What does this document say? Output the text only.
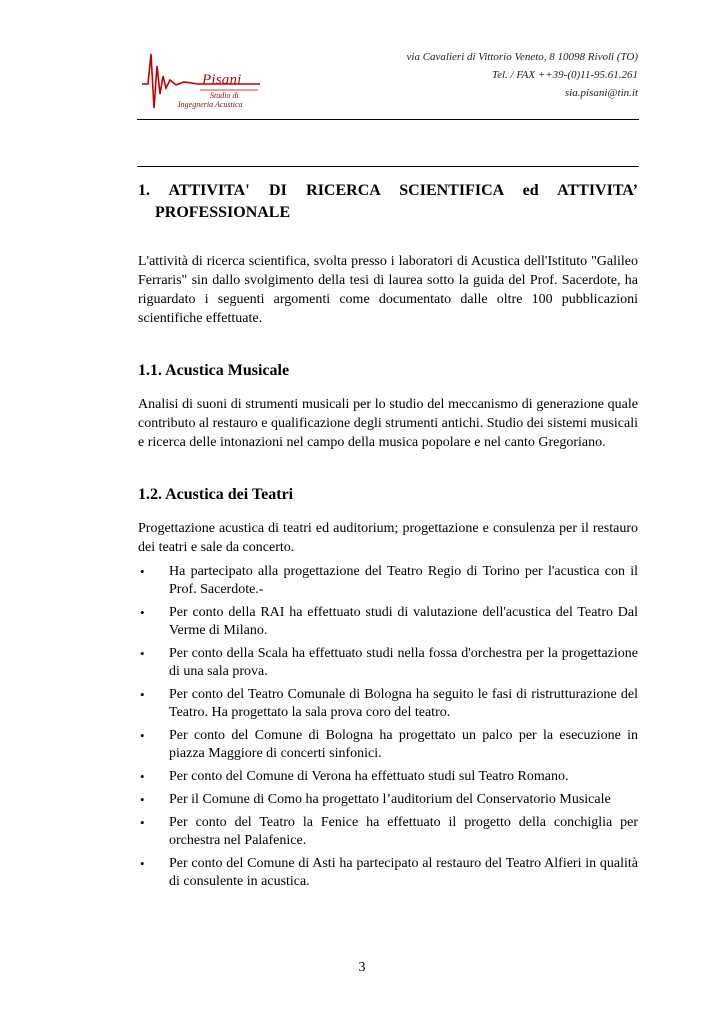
Pisani
Studio di
Ingegneria Acustica
via Cavalieri di Vittorio Veneto, 8 10098 Rivoli (TO)
Tel. / FAX ++39-(0)11-95.61.261
sia.pisani@tin.it
1. ATTIVITA' DI RICERCA SCIENTIFICA ed ATTIVITA’
PROFESSIONALE

L'attività di ricerca scientifica, svolta presso i laboratori di Acustica dell'Istituto "Galileo Ferraris" sin dallo svolgimento della tesi di laurea sotto la guida del Prof. Sacerdote, ha riguardato i seguenti argomenti come documentato dalle oltre 100 pubblicazioni scientifiche effettuate.

1.1. Acustica Musicale

Analisi di suoni di strumenti musicali per lo studio del meccanismo di generazione quale contributo al restauro e qualificazione degli strumenti antichi. Studio dei sistemi musicali e ricerca delle intonazioni nel campo della musica popolare e nel canto Gregoriano.

1.2. Acustica dei Teatri

Progettazione acustica di teatri ed auditorium; progettazione e consulenza per il restauro dei teatri e sale da concerto.

• Ha partecipato alla progettazione del Teatro Regio di Torino per l'acustica con il Prof. Sacerdote.-
• Per conto della RAI ha effettuato studi di valutazione dell'acustica del Teatro Dal Verme di Milano.
• Per conto della Scala ha effettuato studi nella fossa d'orchestra per la progettazione di una sala prova.
• Per conto del Teatro Comunale di Bologna ha seguito le fasi di ristrutturazione del Teatro. Ha progettato la sala prova coro del teatro.
• Per conto del Comune di Bologna ha progettato un palco per la esecuzione in piazza Maggiore di concerti sinfonici.
• Per conto del Comune di Verona ha effettuato studi sul Teatro Romano.
• Per il Comune di Como ha progettato l’auditorium del Conservatorio Musicale
• Per conto del Teatro la Fenice ha effettuato il progetto della conchiglia per orchestra nel Palafenice.
• Per conto del Comune di Asti ha partecipato al restauro del Teatro Alfieri in qualità di consulente in acustica.
3
